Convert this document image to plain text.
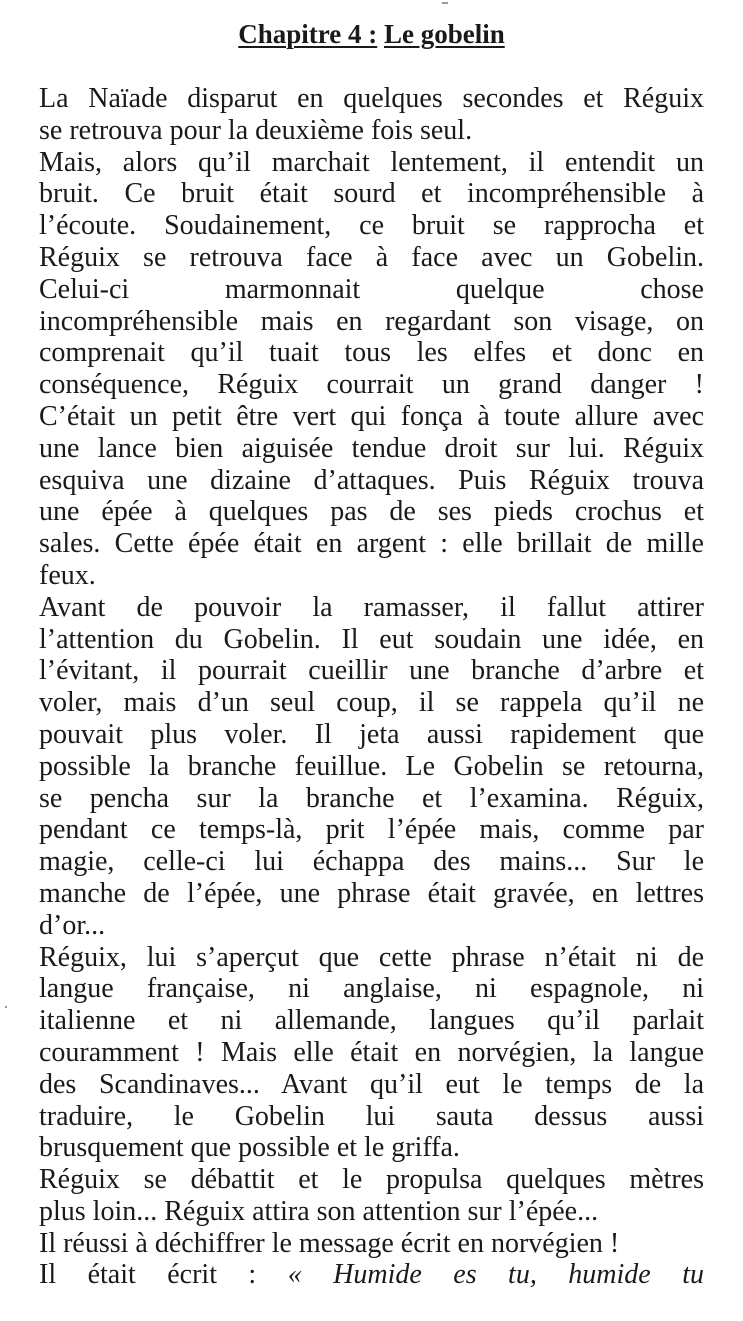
Chapitre 4 : Le gobelin
La Naïade disparut en quelques secondes et Réguix
se retrouva pour la deuxième fois seul.
Mais, alors qu’il marchait lentement, il entendit un
bruit. Ce bruit était sourd et incompréhensible à
l’écoute. Soudainement, ce bruit se rapprocha et
Réguix se retrouva face à face avec un Gobelin.
Celui-ci marmonnait quelque chose
incompréhensible mais en regardant son visage, on
comprenait qu’il tuait tous les elfes et donc en
conséquence, Réguix courrait un grand danger !
C’était un petit être vert qui fonça à toute allure avec
une lance bien aiguisée tendue droit sur lui. Réguix
esquiva une dizaine d’attaques. Puis Réguix trouva
une épée à quelques pas de ses pieds crochus et
sales. Cette épée était en argent : elle brillait de mille
feux.
Avant de pouvoir la ramasser, il fallut attirer
l’attention du Gobelin. Il eut soudain une idée, en
l’évitant, il pourrait cueillir une branche d’arbre et
voler, mais d’un seul coup, il se rappela qu’il ne
pouvait plus voler. Il jeta aussi rapidement que
possible la branche feuillue. Le Gobelin se retourna,
se pencha sur la branche et l’examina. Réguix,
pendant ce temps-là, prit l’épée mais, comme par
magie, celle-ci lui échappa des mains... Sur le
manche de l’épée, une phrase était gravée, en lettres
d’or...
Réguix, lui s’aperçut que cette phrase n’était ni de
langue française, ni anglaise, ni espagnole, ni
italienne et ni allemande, langues qu’il parlait
couramment ! Mais elle était en norvégien, la langue
des Scandinaves... Avant qu’il eut le temps de la
traduire, le Gobelin lui sauta dessus aussi
brusquement que possible et le griffa.
Réguix se débattit et le propulsa quelques mètres
plus loin... Réguix attira son attention sur l’épée...
Il réussi à déchiffrer le message écrit en norvégien !
Il était écrit : « Humide es tu, humide tu
